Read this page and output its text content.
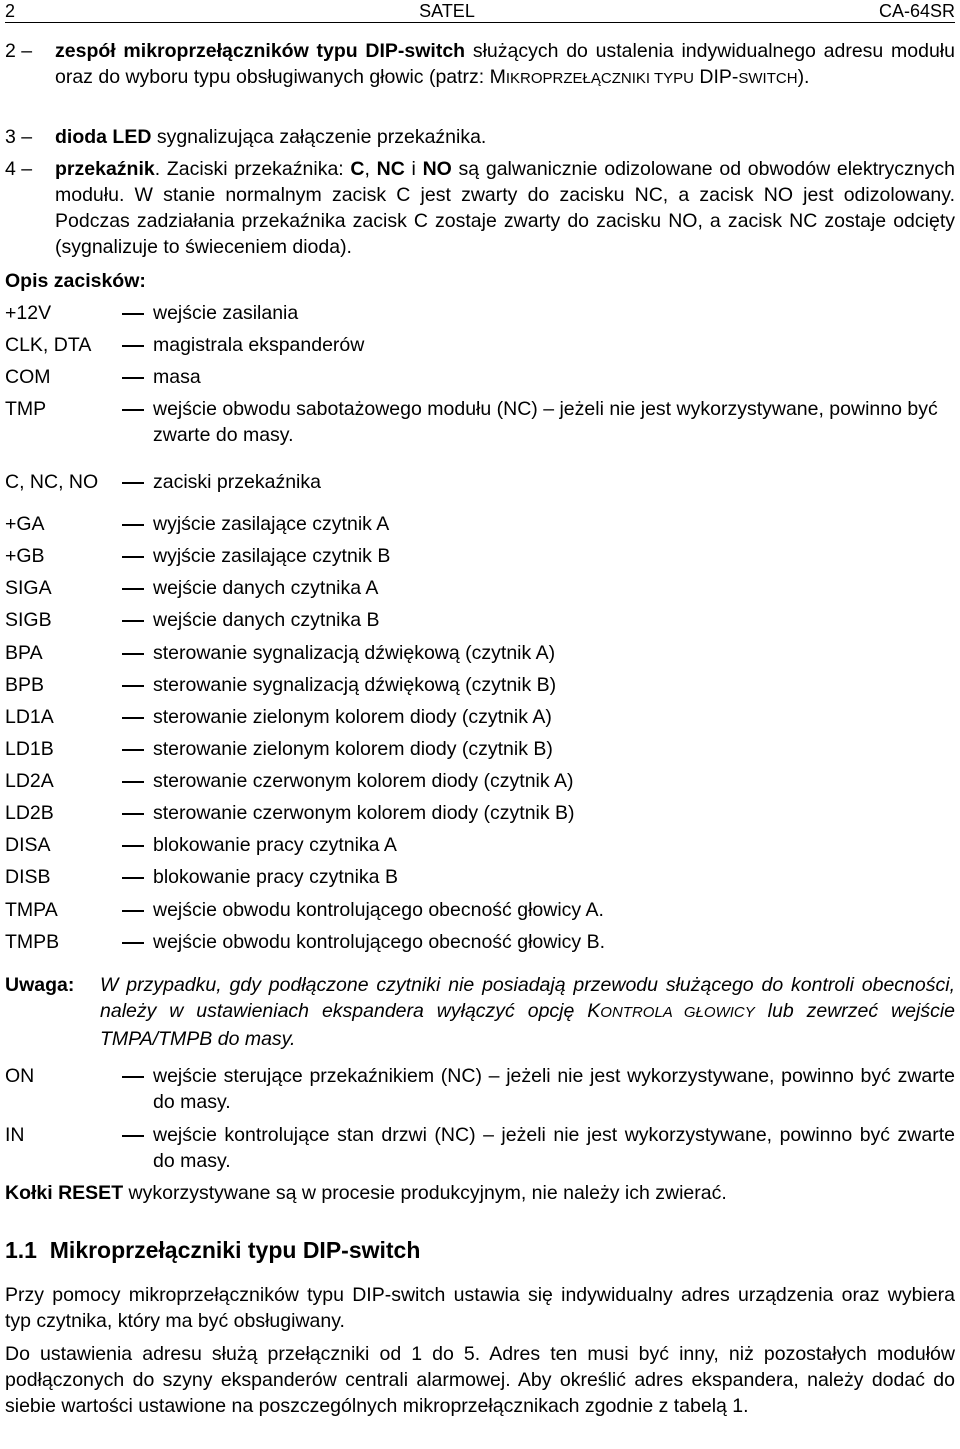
2	SATEL	CA-64SR
2 –	zespół mikroprzełączników typu DIP-switch służących do ustalenia indywidualnego adresu modułu oraz do wyboru typu obsługiwanych głowic (patrz: MIKROPRZEŁĄCZNIKI TYPU DIP-SWITCH).
3 –	dioda LED sygnalizująca załączenie przekaźnika.
4 –	przekaźnik. Zaciski przekaźnika: C, NC i NO są galwanicznie odizolowane od obwodów elektrycznych modułu. W stanie normalnym zacisk C jest zwarty do zacisku NC, a zacisk NO jest odizolowany. Podczas zadziałania przekaźnika zacisk C zostaje zwarty do zacisku NO, a zacisk NC zostaje odcięty (sygnalizuje to świeceniem dioda).
Opis zacisków:
+12V	wejście zasilania
CLK, DTA	magistrala ekspanderów
COM	masa
TMP	wejście obwodu sabotażowego modułu (NC) – jeżeli nie jest wykorzystywane, powinno być zwarte do masy.
C, NC, NO	zaciski przekaźnika
+GA	wyjście zasilające czytnik A
+GB	wyjście zasilające czytnik B
SIGA	wejście danych czytnika A
SIGB	wejście danych czytnika B
BPA	sterowanie sygnalizacją dźwiękową (czytnik A)
BPB	sterowanie sygnalizacją dźwiękową (czytnik B)
LD1A	sterowanie zielonym kolorem diody (czytnik A)
LD1B	sterowanie zielonym kolorem diody (czytnik B)
LD2A	sterowanie czerwonym kolorem diody (czytnik A)
LD2B	sterowanie czerwonym kolorem diody (czytnik B)
DISA	blokowanie pracy czytnika A
DISB	blokowanie pracy czytnika B
TMPA	wejście obwodu kontrolującego obecność głowicy A.
TMPB	wejście obwodu kontrolującego obecność głowicy B.
Uwaga:	W przypadku, gdy podłączone czytniki nie posiadają przewodu służącego do kontroli obecności, należy w ustawieniach ekspandera wyłączyć opcję KONTROLA GŁOWICY lub zewrzeć wejście TMPA/TMPB do masy.
ON	wejście sterujące przekaźnikiem (NC) – jeżeli nie jest wykorzystywane, powinno być zwarte do masy.
IN	wejście kontrolujące stan drzwi (NC) – jeżeli nie jest wykorzystywane, powinno być zwarte do masy.
Kołki RESET wykorzystywane są w procesie produkcyjnym, nie należy ich zwierać.
1.1 Mikroprzełączniki typu DIP-switch
Przy pomocy mikroprzełączników typu DIP-switch ustawia się indywidualny adres urządzenia oraz wybiera typ czytnika, który ma być obsługiwany.
Do ustawienia adresu służą przełączniki od 1 do 5. Adres ten musi być inny, niż pozostałych modułów podłączonych do szyny ekspanderów centrali alarmowej. Aby określić adres ekspandera, należy dodać do siebie wartości ustawione na poszczególnych mikroprzełącznikach zgodnie z tabelą 1.
